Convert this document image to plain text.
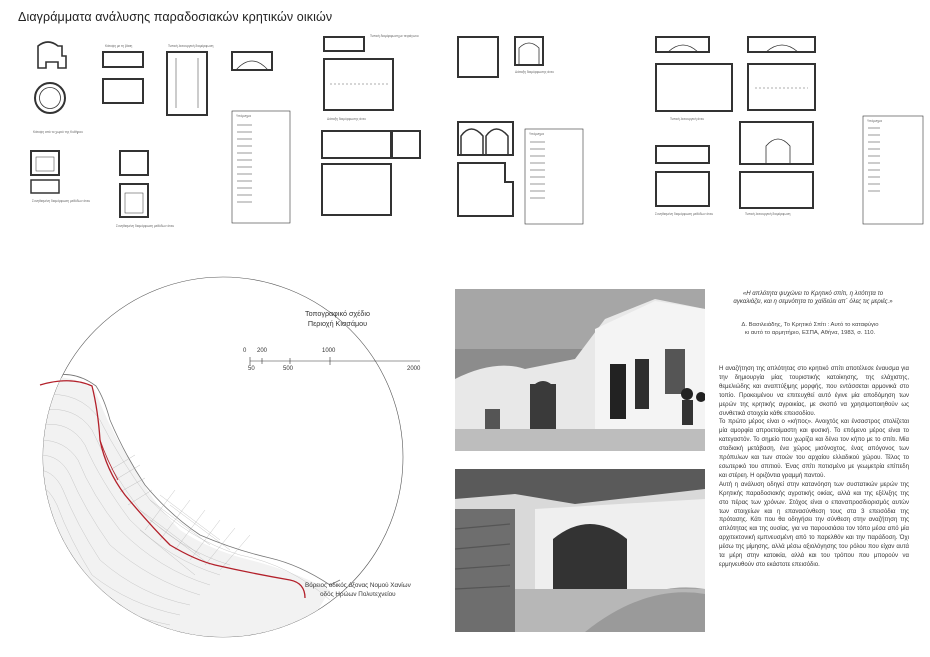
Διαγράμματα ανάλυσης παραδοσιακών κρητικών οικιών
Κάτοψη από το χωριό της Κυθήρου
Κάτοψη με τη βάση	Τυπική λειτουργική διαμόρφωση
Συνηθισμένη διαμόρφωση μεθόδων άνευ
Συνηθισμένη διαμόρφωση μεθόδων άνευ
Τυπική διαμόρφωση με τετράγωνο
Διάταξη διαμόρφωσης άνευ
Διάταξη διαμόρφωσης άνευ
Τυπική λειτουργική άνευ
Συνηθισμένη διαμόρφωση μεθόδων άνευ	Τυπική λειτουργική διαμόρφωση
Υπόμνημα
Υπόμνημα
Υπόμνημα
Τοπογραφικό σχέδιο
Περιοχή Κισσάμου
0 200	1000
50	500	2000
Βόρειος οδικός άξονας Νομού Χανίων
οδός Ηρώων Πολυτεχνείου
«Η απλότητα ψυχώνει το Κρητικό σπίτι, η λιτότητα το αγκαλιάζει, και η σεμνότητα το χαϊδεύει απ΄ όλες τις μεριές.»
Δ. Βασιλειάδης, Το Κρητικό Σπίτι : Αυτό το καταφύγιο
κι αυτό το αρμητήριο, ΕΣΠΑ, Αθήνα, 1983, σ. 110.

Η αναζήτηση της απλότητας στο κρητικό σπίτι αποτέλεσε έναυσμα για την δημιουργία μίας τουριστικής κατοίκησης, της ελάχιστης, θεμελιώδης και αναπτύξιμης μορφής, που εντάσσεται αρμονικά στο τοπίο. Προκειμένου να επιτευχθεί αυτό έγινε μία αποδόμηση των μερών της κρητικής αγροικίας, με σκοπό να χρησιμοποιηθούν ως συνθετικά στοιχεία κάθε επεισοδίου.

Το πρώτο μέρος είναι ο «κήπος». Ανοιχτός και ένσαστρος στολίζεται μία αμορφία απροετοίμαστη και φυσική. Το επόμενο μέρος είναι το κατεγαστόν. Το σημείο που χωρίζει και δένει τον κήπο με το σπίτι. Μία σταδιακή μετάβαση, ένα χώρος μισόνοχτος, ένας απόγονος των πρόπυλων και των στοών του αρχαίου ελλαδικού χώρου. Τέλος το εσωτερικό του σπιτιού. Ένας σπίτι ποτισμένο με γεωμετρία επίπεδη και στέρεη. Η οριζόντια γραμμή παντού.

Αυτή η ανάλυση οδηγεί στην κατανόηση των συστατικών μερών της Κρητικής παραδοσιακής αγροτικής οικίας, αλλά και της εξέλιξης της στο πέρας των χρόνων. Στόχος είναι ο επαναπροσδιορισμός αυτών των στοιχείων και η επανασύνθεση τους στα 3 επεισόδια της πρότασης. Κάτι που θα οδηγήσει την σύνθεση στην αναζήτηση της απλότητας και της ουσίας, για να παρουσιάσει τον τόπο μέσα από μία αρχιτεκτονική εμπνευσμένη από το παρελθόν και την παράδοση. Όχι μέσω της μίμησης, αλλά μέσω αξιολόγησης του ρόλου που είχαν αυτά τα μέρη στην κατοικία, αλλά και του τρόπου που μπορούν να ερμηνευθούν στο εκάστοτε επεισόδιο.
